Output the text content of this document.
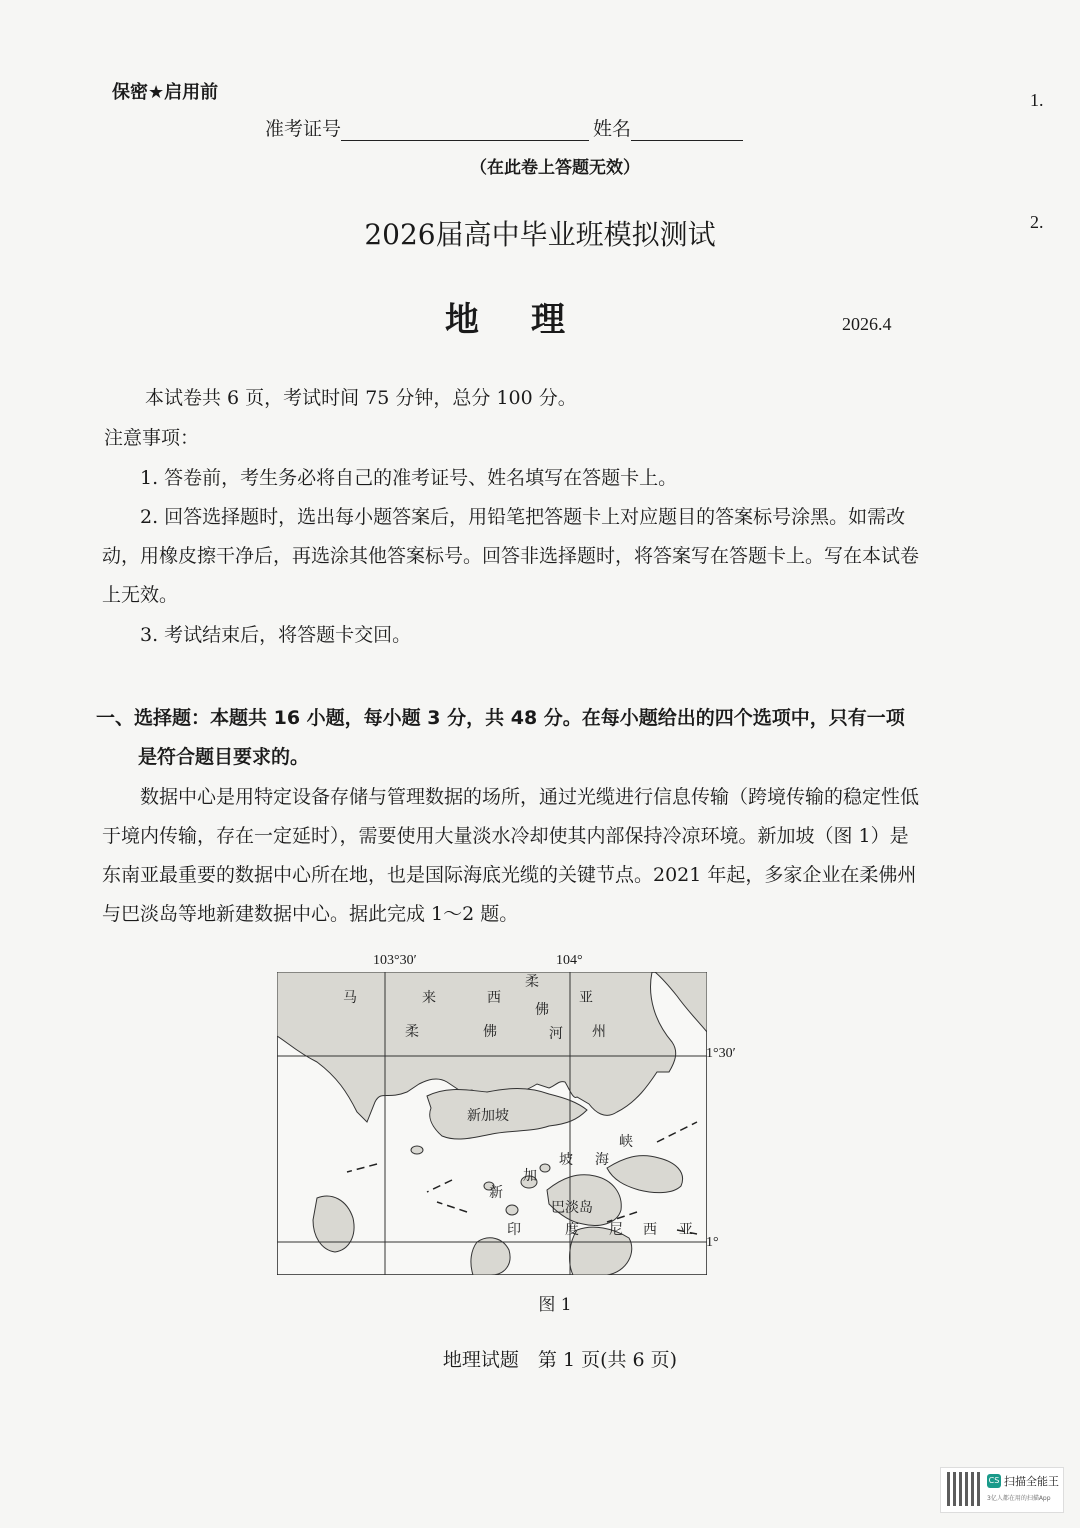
保密★启用前	1.
2.
准考证号	姓名
（在此卷上答题无效）
2026届高中毕业班模拟测试
地理	2026.4
本试卷共 6 页，考试时间 75 分钟，总分 100 分。
注意事项：
1. 答卷前，考生务必将自己的准考证号、姓名填写在答题卡上。
2. 回答选择题时，选出每小题答案后，用铅笔把答题卡上对应题目的答案标号涂黑。如需改动，用橡皮擦干净后，再选涂其他答案标号。回答非选择题时，将答案写在答题卡上。写在本试卷上无效。
3. 考试结束后，将答题卡交回。
一、选择题：本题共 16 小题，每小题 3 分，共 48 分。在每小题给出的四个选项中，只有一项是符合题目要求的。
数据中心是用特定设备存储与管理数据的场所，通过光缆进行信息传输（跨境传输的稳定性低于境内传输，存在一定延时），需要使用大量淡水冷却使其内部保持冷凉环境。新加坡（图 1）是东南亚最重要的数据中心所在地，也是国际海底光缆的关键节点。2021 年起，多家企业在柔佛州与巴淡岛等地新建数据中心。据此完成 1～2 题。
马	来	西	亚
柔	佛	州
柔
佛
河
新加坡
新
加
坡 海
峡
巴淡岛
印	度 尼 西 亚
103°30′	104°
1°30′
1°
图 1
地理试题　第 1 页(共 6 页)
CS 扫描全能王
3亿人都在用的扫描App
